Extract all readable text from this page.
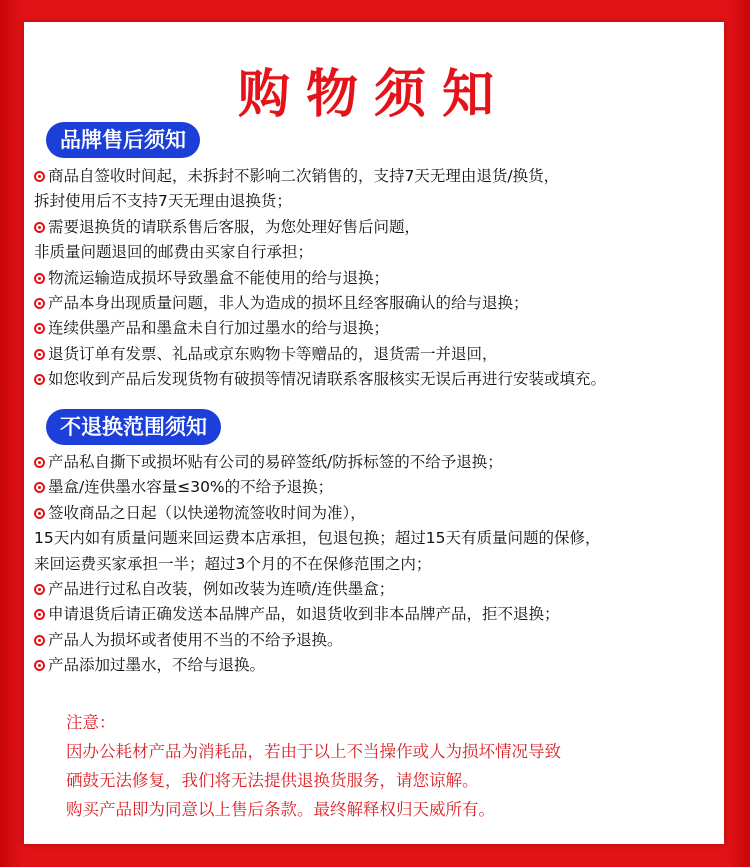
购物须知
品牌售后须知
商品自签收时间起，未拆封不影响二次销售的，支持7天无理由退货/换货，
拆封使用后不支持7天无理由退换货；
需要退换货的请联系售后客服，为您处理好售后问题，
非质量问题退回的邮费由买家自行承担；
物流运输造成损坏导致墨盒不能使用的给与退换；
产品本身出现质量问题，非人为造成的损坏且经客服确认的给与退换；
连续供墨产品和墨盒未自行加过墨水的给与退换；
退货订单有发票、礼品或京东购物卡等赠品的，退货需一并退回，
如您收到产品后发现货物有破损等情况请联系客服核实无误后再进行安装或填充。
不退换范围须知
产品私自撕下或损坏贴有公司的易碎签纸/防拆标签的不给予退换；
墨盒/连供墨水容量≤30%的不给予退换；
签收商品之日起（以快递物流签收时间为准），
15天内如有质量问题来回运费本店承担，包退包换；超过15天有质量问题的保修，
来回运费买家承担一半；超过3个月的不在保修范围之内；
产品进行过私自改装，例如改装为连喷/连供墨盒；
申请退货后请正确发送本品牌产品，如退货收到非本品牌产品，拒不退换；
产品人为损坏或者使用不当的不给予退换。
产品添加过墨水，不给与退换。
注意：
因办公耗材产品为消耗品，若由于以上不当操作或人为损坏情况导致
硒鼓无法修复，我们将无法提供退换货服务，请您谅解。
购买产品即为同意以上售后条款。最终解释权归天威所有。
